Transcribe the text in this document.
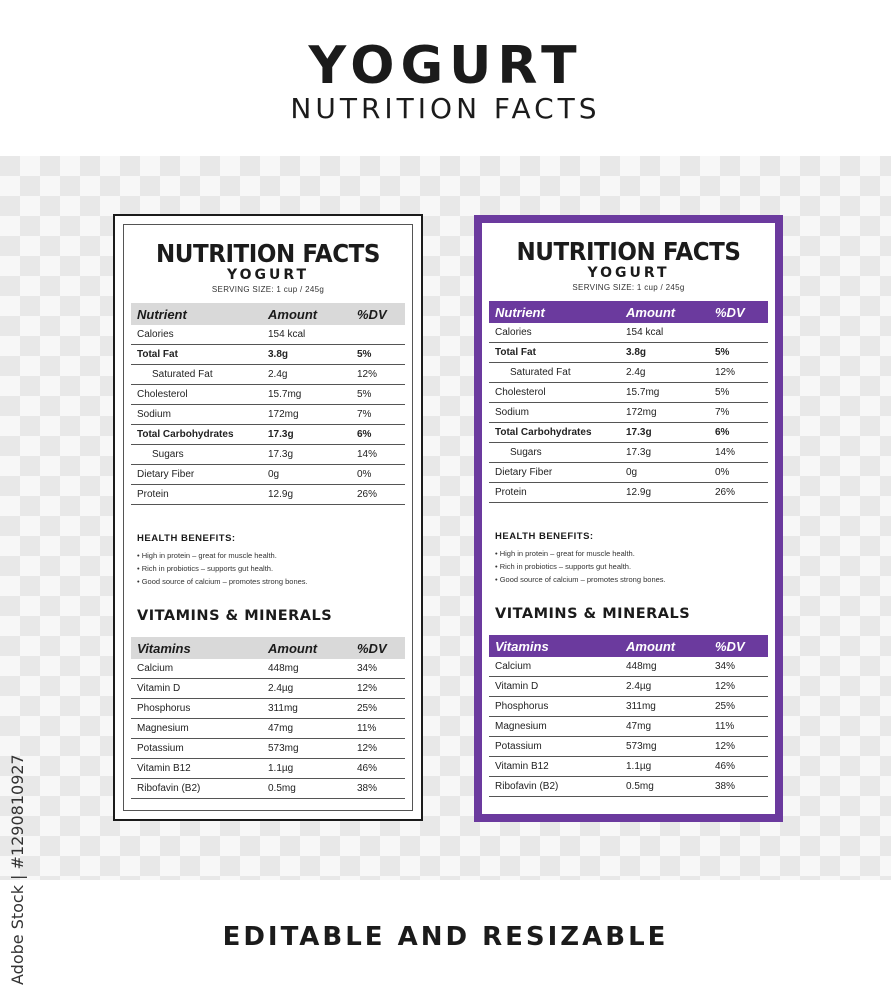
YOGURT
NUTRITION FACTS
NUTRITION FACTS
YOGURT
SERVING SIZE: 1 cup / 245g
Nutrient	Amount	%DV
Calories	154 kcal
Total Fat	3.8g	5%
Saturated Fat	2.4g	12%
Cholesterol	15.7mg	5%
Sodium	172mg	7%
Total Carbohydrates	17.3g	6%
Sugars	17.3g	14%
Dietary Fiber	0g	0%
Protein	12.9g	26%
HEALTH BENEFITS:
• High in protein – great for muscle health.
• Rich in probiotics – supports gut health.
• Good source of calcium – promotes strong bones.
VITAMINS & MINERALS
Vitamins	Amount	%DV
Calcium	448mg	34%
Vitamin D	2.4µg	12%
Phosphorus	311mg	25%
Magnesium	47mg	11%
Potassium	573mg	12%
Vitamin B12	1.1µg	46%
Ribofavin (B2)	0.5mg	38%
NUTRITION FACTS
YOGURT
SERVING SIZE: 1 cup / 245g
Nutrient	Amount	%DV
Calories	154 kcal
Total Fat	3.8g	5%
Saturated Fat	2.4g	12%
Cholesterol	15.7mg	5%
Sodium	172mg	7%
Total Carbohydrates	17.3g	6%
Sugars	17.3g	14%
Dietary Fiber	0g	0%
Protein	12.9g	26%
HEALTH BENEFITS:
• High in protein – great for muscle health.
• Rich in probiotics – supports gut health.
• Good source of calcium – promotes strong bones.
VITAMINS & MINERALS
Vitamins	Amount	%DV
Calcium	448mg	34%
Vitamin D	2.4µg	12%
Phosphorus	311mg	25%
Magnesium	47mg	11%
Potassium	573mg	12%
Vitamin B12	1.1µg	46%
Ribofavin (B2)	0.5mg	38%
EDITABLE AND RESIZABLE
Adobe Stock | #1290810927
